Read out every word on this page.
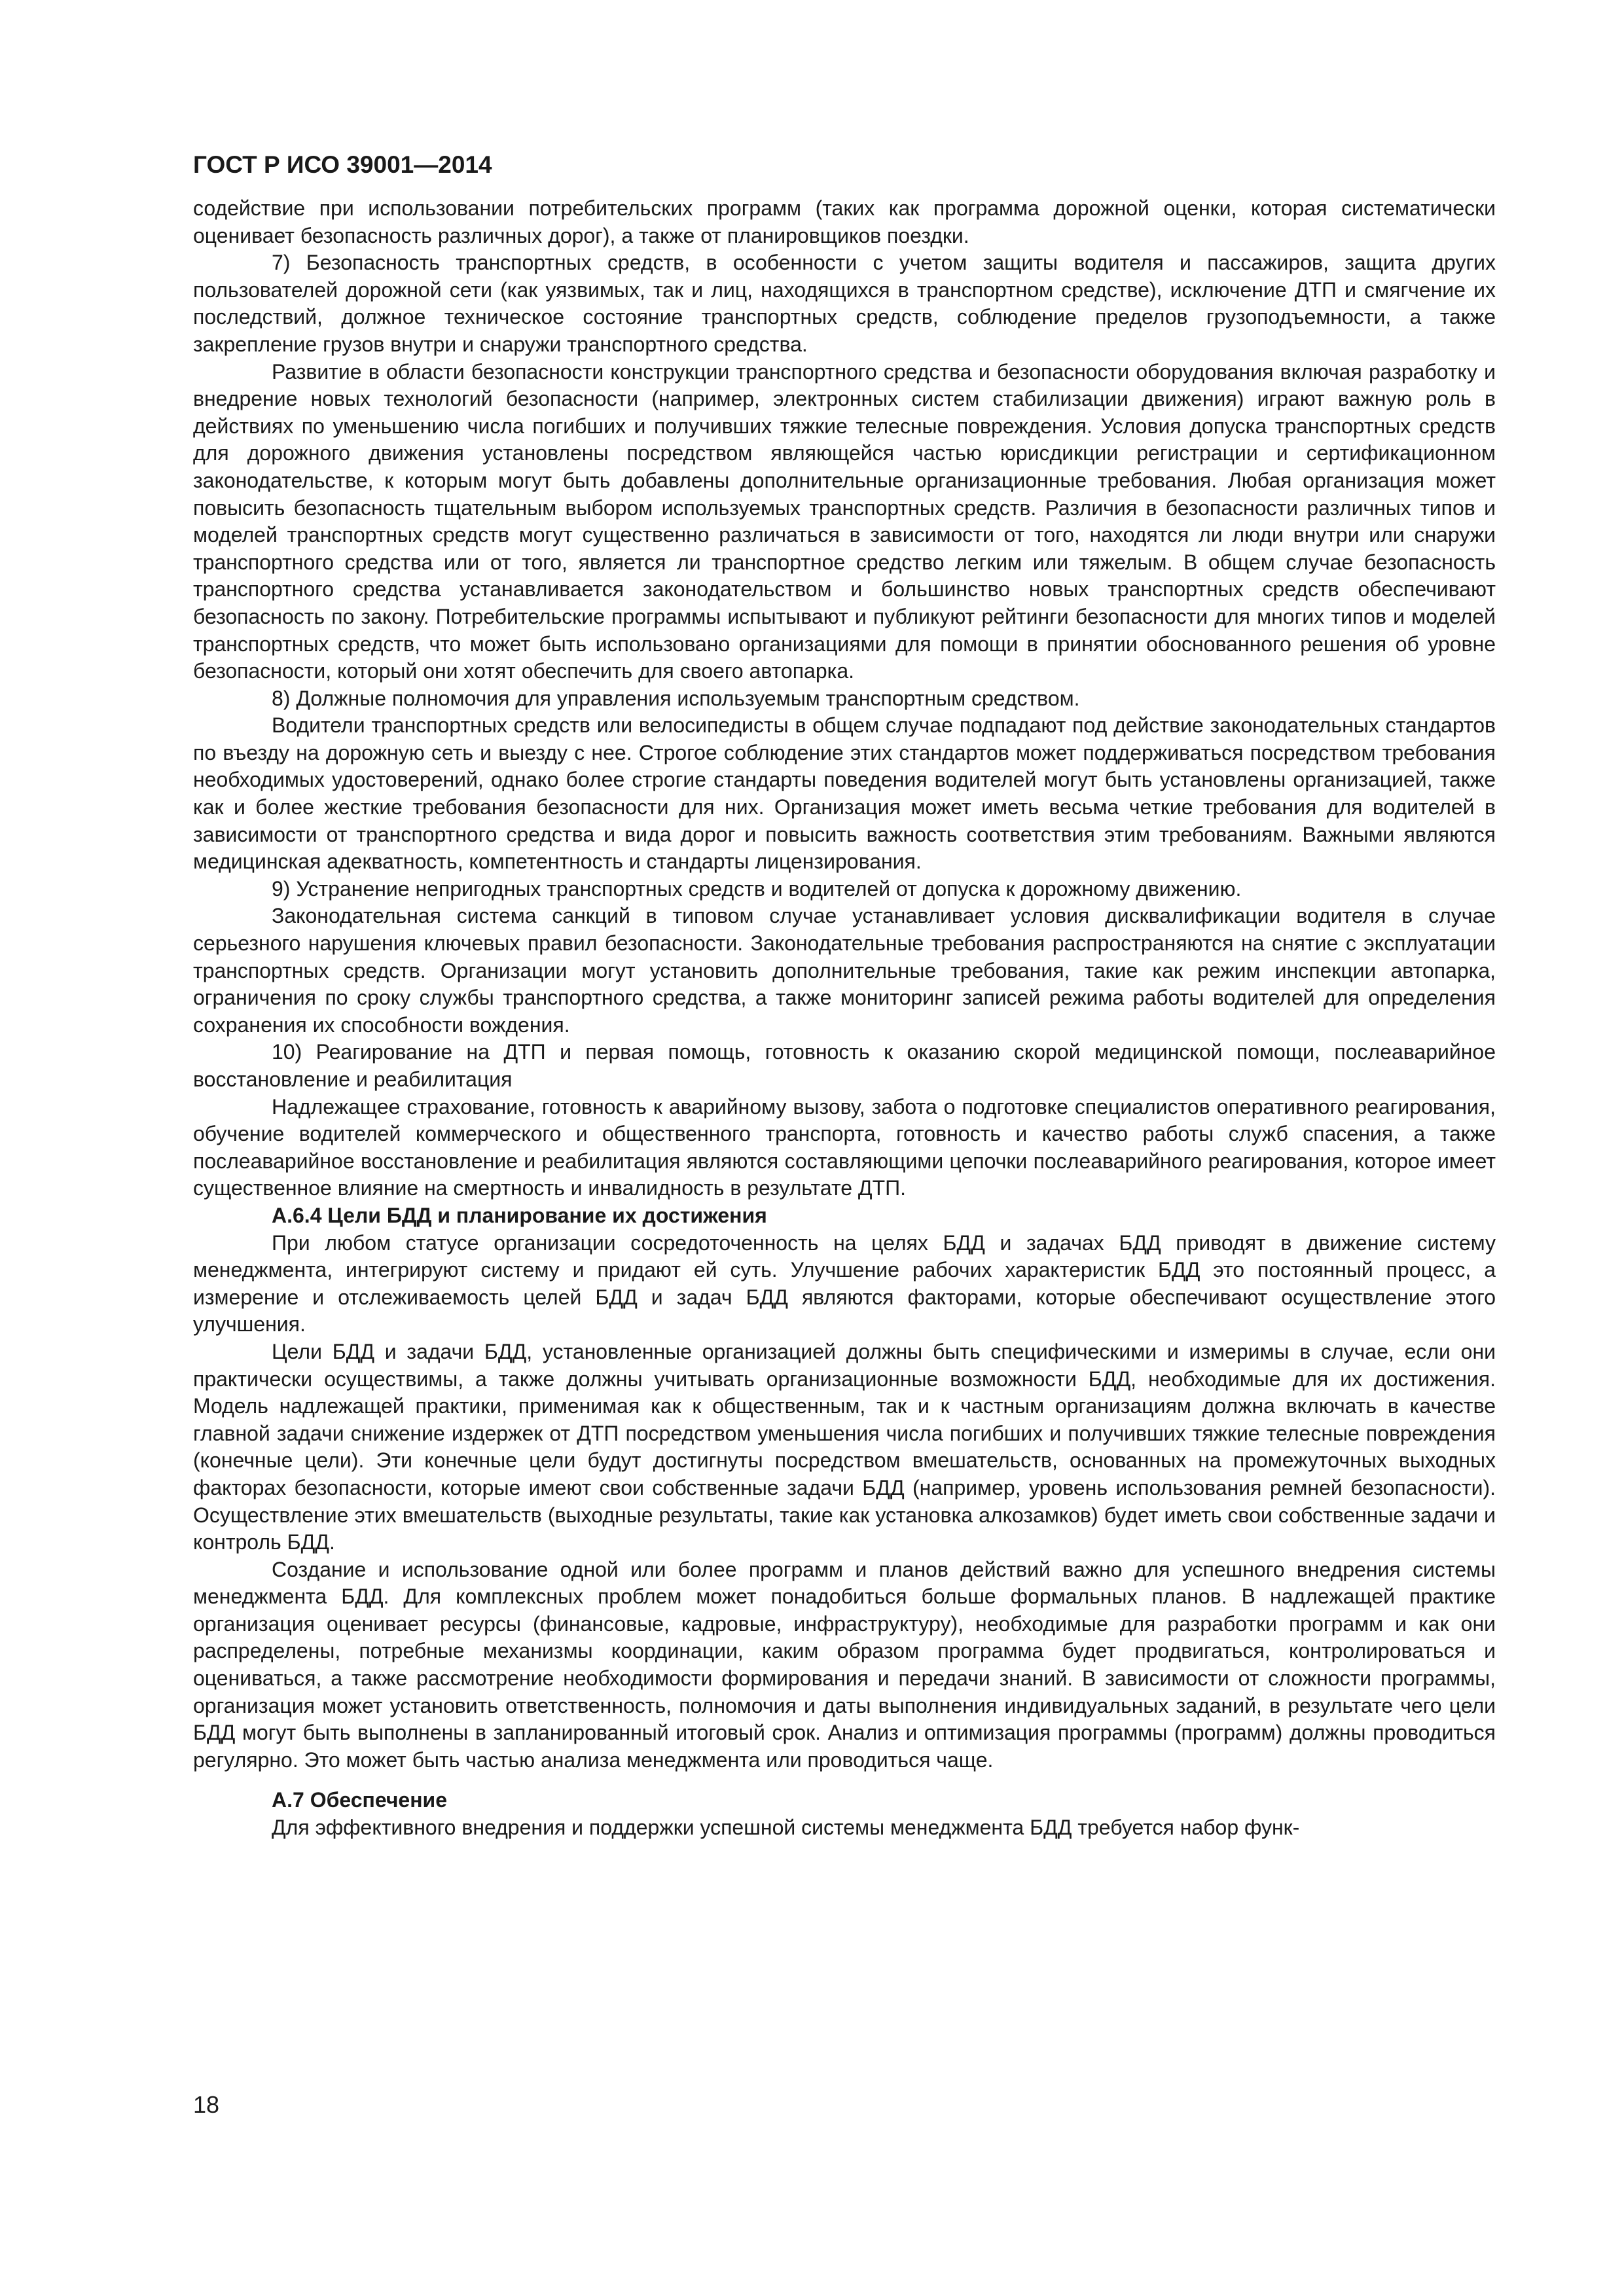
ГОСТ Р ИСО 39001—2014

содействие при использовании потребительских программ (таких как программа дорожной оценки, которая систематически оценивает безопасность различных дорог), а также от планировщиков поездки.

7) Безопасность транспортных средств, в особенности с учетом защиты водителя и пассажиров, защита других пользователей дорожной сети (как уязвимых, так и лиц, находящихся в транспортном средстве), исключение ДТП и смягчение их последствий, должное техническое состояние транспортных средств, соблюдение пределов грузоподъемности, а также закрепление грузов внутри и снаружи транспортного средства.

Развитие в области безопасности конструкции транспортного средства и безопасности оборудования включая разработку и внедрение новых технологий безопасности (например, электронных систем стабилизации движения) играют важную роль в действиях по уменьшению числа погибших и получивших тяжкие телесные повреждения. Условия допуска транспортных средств для дорожного движения установлены посредством являющейся частью юрисдикции регистрации и сертификационном законодательстве, к которым могут быть добавлены дополнительные организационные требования. Любая организация может повысить безопасность тщательным выбором используемых транспортных средств. Различия в безопасности различных типов и моделей транспортных средств могут существенно различаться в зависимости от того, находятся ли люди внутри или снаружи транспортного средства или от того, является ли транспортное средство легким или тяжелым. В общем случае безопасность транспортного средства устанавливается законодательством и большинство новых транспортных средств обеспечивают безопасность по закону. Потребительские программы испытывают и публикуют рейтинги безопасности для многих типов и моделей транспортных средств, что может быть использовано организациями для помощи в принятии обоснованного решения об уровне безопасности, который они хотят обеспечить для своего автопарка.

8) Должные полномочия для управления используемым транспортным средством.

Водители транспортных средств или велосипедисты в общем случае подпадают под действие законодательных стандартов по въезду на дорожную сеть и выезду с нее. Строгое соблюдение этих стандартов может поддерживаться посредством требования необходимых удостоверений, однако более строгие стандарты поведения водителей могут быть установлены организацией, также как и более жесткие требования безопасности для них. Организация может иметь весьма четкие требования для водителей в зависимости от транспортного средства и вида дорог и повысить важность соответствия этим требованиям. Важными являются медицинская адекватность, компетентность и стандарты лицензирования.

9) Устранение непригодных транспортных средств и водителей от допуска к дорожному движению.

Законодательная система санкций в типовом случае устанавливает условия дисквалификации водителя в случае серьезного нарушения ключевых правил безопасности. Законодательные требования распространяются на снятие с эксплуатации транспортных средств. Организации могут установить дополнительные требования, такие как режим инспекции автопарка, ограничения по сроку службы транспортного средства, а также мониторинг записей режима работы водителей для определения сохранения их способности вождения.

10) Реагирование на ДТП и первая помощь, готовность к оказанию скорой медицинской помощи, послеаварийное восстановление и реабилитация

Надлежащее страхование, готовность к аварийному вызову, забота о подготовке специалистов оперативного реагирования, обучение водителей коммерческого и общественного транспорта, готовность и качество работы служб спасения, а также послеаварийное восстановление и реабилитация являются составляющими цепочки послеаварийного реагирования, которое имеет существенное влияние на смертность и инвалидность в результате ДТП.

А.6.4 Цели БДД и планирование их достижения

При любом статусе организации сосредоточенность на целях БДД и задачах БДД приводят в движение систему менеджмента, интегрируют систему и придают ей суть. Улучшение рабочих характеристик БДД это постоянный процесс, а измерение и отслеживаемость целей БДД и задач БДД являются факторами, которые обеспечивают осуществление этого улучшения.

Цели БДД и задачи БДД, установленные организацией должны быть специфическими и измеримы в случае, если они практически осуществимы, а также должны учитывать организационные возможности БДД, необходимые для их достижения. Модель надлежащей практики, применимая как к общественным, так и к частным организациям должна включать в качестве главной задачи снижение издержек от ДТП посредством уменьшения числа погибших и получивших тяжкие телесные повреждения (конечные цели). Эти конечные цели будут достигнуты посредством вмешательств, основанных на промежуточных выходных факторах безопасности, которые имеют свои собственные задачи БДД (например, уровень использования ремней безопасности). Осуществление этих вмешательств (выходные результаты, такие как установка алкозамков) будет иметь свои собственные задачи и контроль БДД.

Создание и использование одной или более программ и планов действий важно для успешного внедрения системы менеджмента БДД. Для комплексных проблем может понадобиться больше формальных планов. В надлежащей практике организация оценивает ресурсы (финансовые, кадровые, инфраструктуру), необходимые для разработки программ и как они распределены, потребные механизмы координации, каким образом программа будет продвигаться, контролироваться и оцениваться, а также рассмотрение необходимости формирования и передачи знаний. В зависимости от сложности программы, организация может установить ответственность, полномочия и даты выполнения индивидуальных заданий, в результате чего цели БДД могут быть выполнены в запланированный итоговый срок. Анализ и оптимизация программы (программ) должны проводиться регулярно. Это может быть частью анализа менеджмента или проводиться чаще.

А.7 Обеспечение

Для эффективного внедрения и поддержки успешной системы менеджмента БДД требуется набор функ-

18
